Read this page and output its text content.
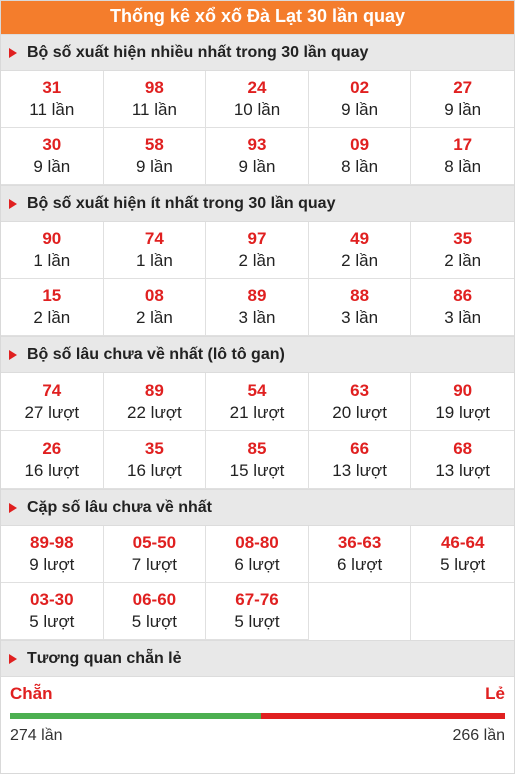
Thống kê xổ xố Đà Lạt 30 lần quay
Bộ số xuất hiện nhiều nhất trong 30 lần quay
31
11 lần
98
11 lần
24
10 lần
02
9 lần
27
9 lần
30
9 lần
58
9 lần
93
9 lần
09
8 lần
17
8 lần
Bộ số xuất hiện ít nhất trong 30 lần quay
90
1 lần
74
1 lần
97
2 lần
49
2 lần
35
2 lần
15
2 lần
08
2 lần
89
3 lần
88
3 lần
86
3 lần
Bộ số lâu chưa về nhất (lô tô gan)
74
27 lượt
89
22 lượt
54
21 lượt
63
20 lượt
90
19 lượt
26
16 lượt
35
16 lượt
85
15 lượt
66
13 lượt
68
13 lượt
Cặp số lâu chưa về nhất
89-98
9 lượt
05-50
7 lượt
08-80
6 lượt
36-63
6 lượt
46-64
5 lượt
03-30
5 lượt
06-60
5 lượt
67-76
5 lượt
Tương quan chẵn lẻ
Chẵn	Lẻ
274 lần	266 lần
